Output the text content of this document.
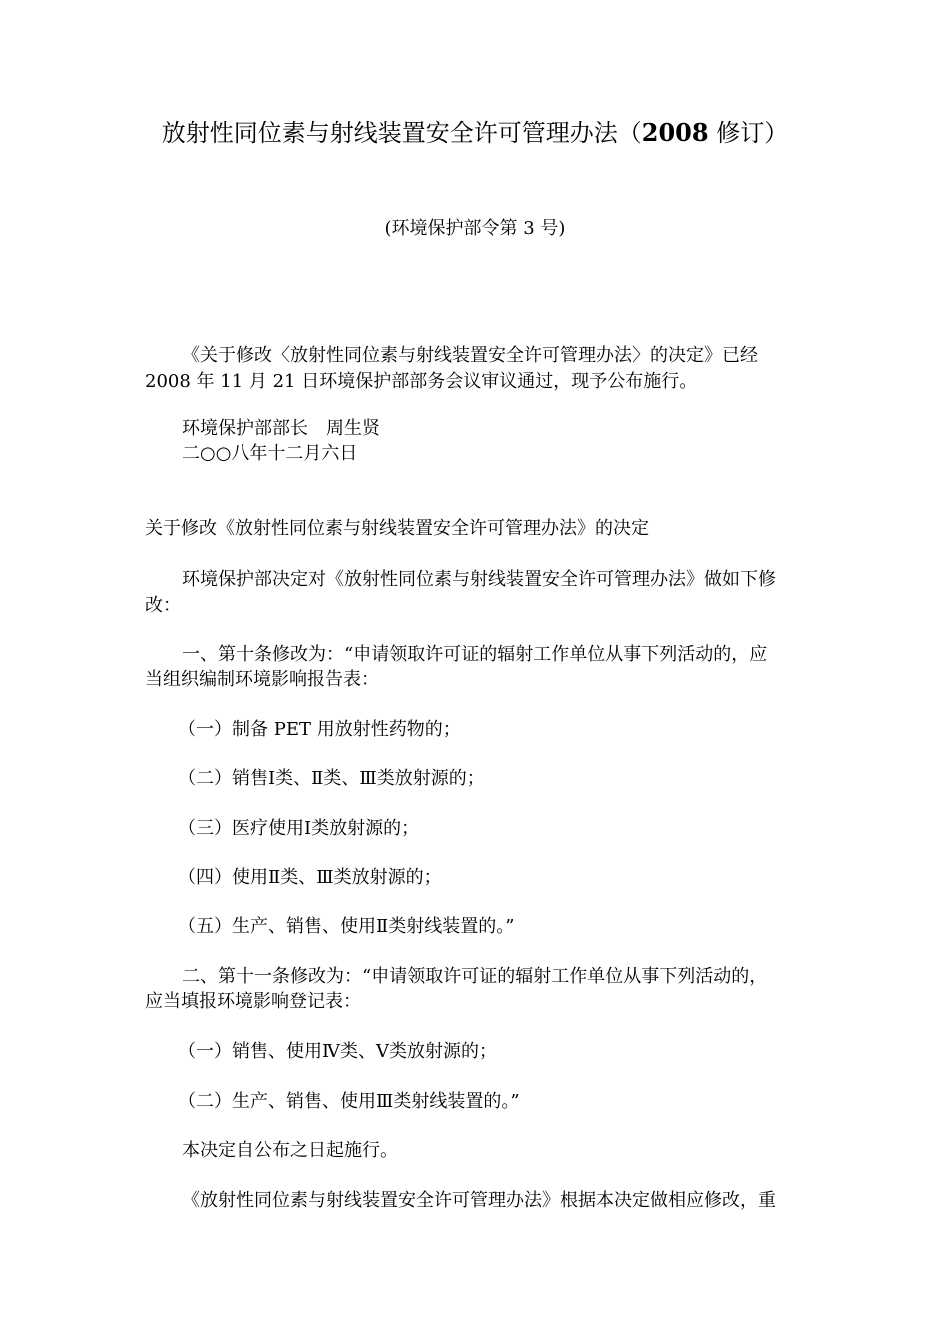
放射性同位素与射线装置安全许可管理办法（2008 修订）
(环境保护部令第 3 号)
《关于修改〈放射性同位素与射线装置安全许可管理办法〉的决定》已经
2008 年 11 月 21 日环境保护部部务会议审议通过，现予公布施行。
环境保护部部长　周生贤
二○○八年十二月六日
关于修改《放射性同位素与射线装置安全许可管理办法》的决定
环境保护部决定对《放射性同位素与射线装置安全许可管理办法》做如下修
改：
一、第十条修改为：“申请领取许可证的辐射工作单位从事下列活动的，应
当组织编制环境影响报告表：
（一）制备 PET 用放射性药物的；
（二）销售Ⅰ类、Ⅱ类、Ⅲ类放射源的；
（三）医疗使用Ⅰ类放射源的；
（四）使用Ⅱ类、Ⅲ类放射源的；
（五）生产、销售、使用Ⅱ类射线装置的。”
二、第十一条修改为：“申请领取许可证的辐射工作单位从事下列活动的，
应当填报环境影响登记表：
（一）销售、使用Ⅳ类、Ⅴ类放射源的；
（二）生产、销售、使用Ⅲ类射线装置的。”
本决定自公布之日起施行。
《放射性同位素与射线装置安全许可管理办法》根据本决定做相应修改，重
